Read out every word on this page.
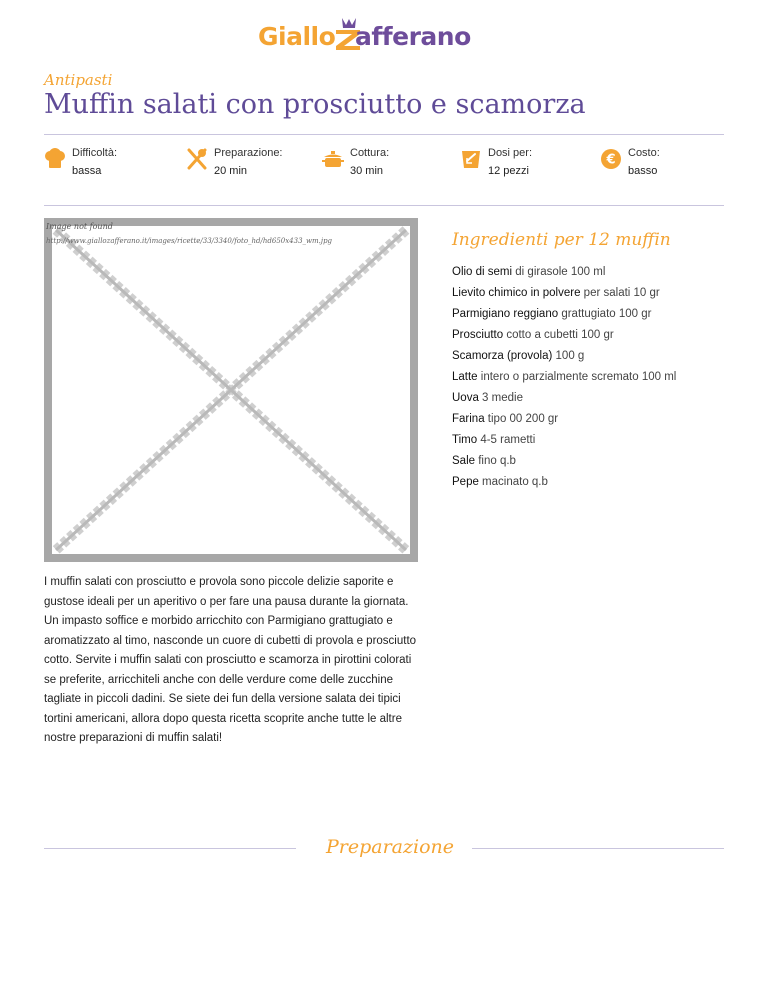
Giallo afferano
Antipasti
Muffin salati con prosciutto e scamorza
Difficoltà:
bassa
Preparazione:
20 min
Cottura:
30 min
Dosi per:
12 pezzi
€ Costo:
basso
Image not found
http://www.giallozafferano.it/images/ricette/33/3340/foto_hd/hd650x433_wm.jpg	Ingredienti per 12 muffin
Olio di semi di girasole 100 ml
Lievito chimico in polvere per salati 10 gr
Parmigiano reggiano grattugiato 100 gr
Prosciutto cotto a cubetti 100 gr
Scamorza (provola) 100 g
Latte intero o parzialmente scremato 100 ml
Uova 3 medie
Farina tipo 00 200 gr
Timo 4-5 rametti
Sale fino q.b
Pepe macinato q.b

I muffin salati con prosciutto e provola sono piccole delizie saporite e gustose ideali per un aperitivo o per fare una pausa durante la giornata.

Un impasto soffice e morbido arricchito con Parmigiano grattugiato e aromatizzato al timo, nasconde un cuore di cubetti di provola e prosciutto cotto. Servite i muffin salati con prosciutto e scamorza in pirottini colorati se preferite, arricchiteli anche con delle verdure come delle zucchine tagliate in piccoli dadini. Se siete dei fun della versione salata dei tipici tortini americani, allora dopo questa ricetta scoprite anche tutte le altre nostre preparazioni di muffin salati!

Preparazione
